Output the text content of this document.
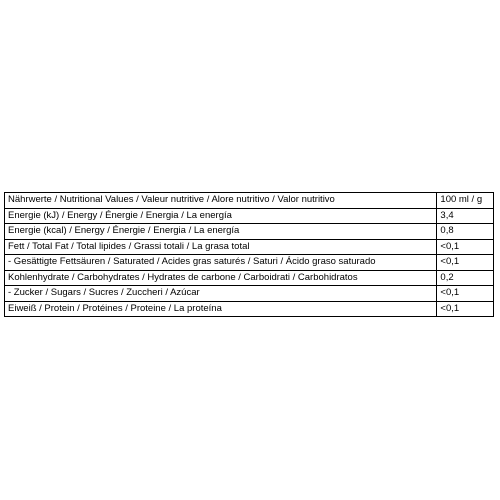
Nährwerte / Nutritional Values / Valeur nutritive / Alore nutritivo / Valor nutritivo	100 ml / g
Energie (kJ) / Energy / Énergie / Energia / La energía	3,4
Energie (kcal) / Energy / Énergie / Energia / La energía	0,8
Fett / Total Fat / Total lipides / Grassi totali / La grasa total	<0,1
- Gesättigte Fettsäuren / Saturated / Acides gras saturés / Saturi / Ácido graso saturado	<0,1
Kohlenhydrate / Carbohydrates / Hydrates de carbone / Carboidrati / Carbohidratos	0,2
- Zucker / Sugars / Sucres / Zuccheri / Azúcar	<0,1
Eiweiß / Protein / Protéines / Proteine / La proteína	<0,1
